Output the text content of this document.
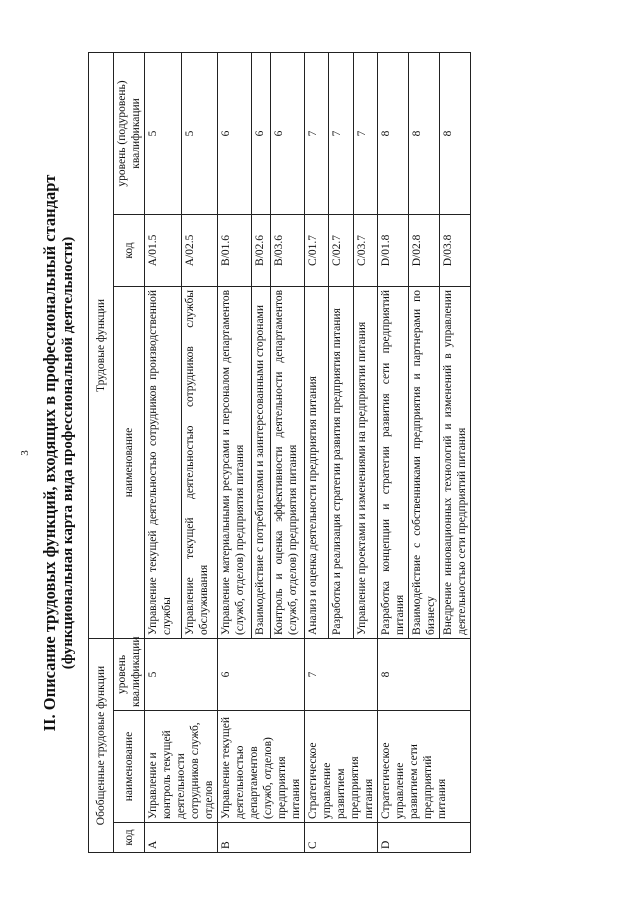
3 II. Описание трудовых функций, входящих в профессиональный стандарт (функциональная карта вида профессиональной деятельности)
Обобщенные трудовые функции			Трудовые функции		
код	наименование	уровень квалификации	наименование	код	уровень (подуровень) квалификации
A	Управление и контроль текущей деятельности сотрудников служб, отделов	5	Управление текущей деятельностью сотрудников производственной службы	A/01.5	5
			Управление текущей деятельностью сотрудников службы обслуживания	A/02.5	5
B	Управление текущей деятельностью департаментов (служб, отделов) предприятия питания	6	Управление материальными ресурсами и персоналом департаментов (служб, отделов) предприятия питания	B/01.6	6
			Взаимодействие с потребителями и заинтересованными сторонами	B/02.6	6
			Контроль и оценка эффективности деятельности департаментов (служб, отделов) предприятия питания	B/03.6	6
C	Стратегическое управление развитием предприятия питания	7	Анализ и оценка деятельности предприятия питания	C/01.7	7
			Разработка и реализация стратегии развития предприятия питания	C/02.7	7
			Управление проектами и изменениями на предприятии питания	C/03.7	7
D	Стратегическое управление развитием сети предприятий питания	8	Разработка концепции и стратегии развития сети предприятий питания	D/01.8	8
			Взаимодействие с собственниками предприятия и партнерами по бизнесу	D/02.8	8
			Внедрение инновационных технологий и изменений в управлении деятельностью сети предприятий питания	D/03.8	8
